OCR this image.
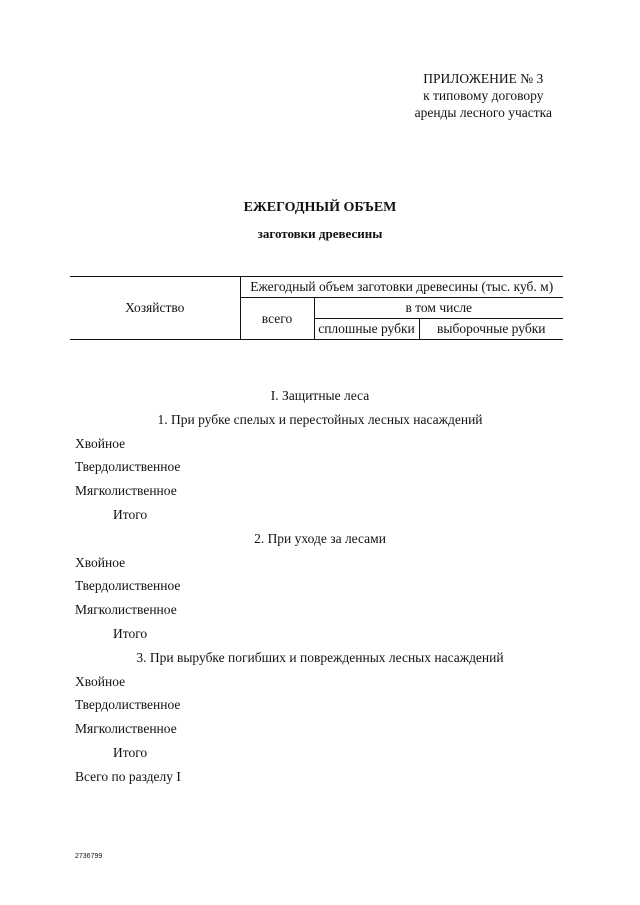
ПРИЛОЖЕНИЕ № 3
к типовому договору
аренды лесного участка
ЕЖЕГОДНЫЙ ОБЪЕМ
заготовки древесины
Хозяйство	Ежегодный объем заготовки древесины (тыс. куб. м)		
	всего	в том числе	
		сплошные рубки	выборочные рубки
I. Защитные леса
1. При рубке спелых и перестойных лесных насаждений
Хвойное
Твердолиственное
Мягколиственное
Итого
2. При уходе за лесами
Хвойное
Твердолиственное
Мягколиственное
Итого
3. При вырубке погибших и поврежденных лесных насаждений
Хвойное
Твердолиственное
Мягколиственное
Итого
Всего по разделу I
2736799
